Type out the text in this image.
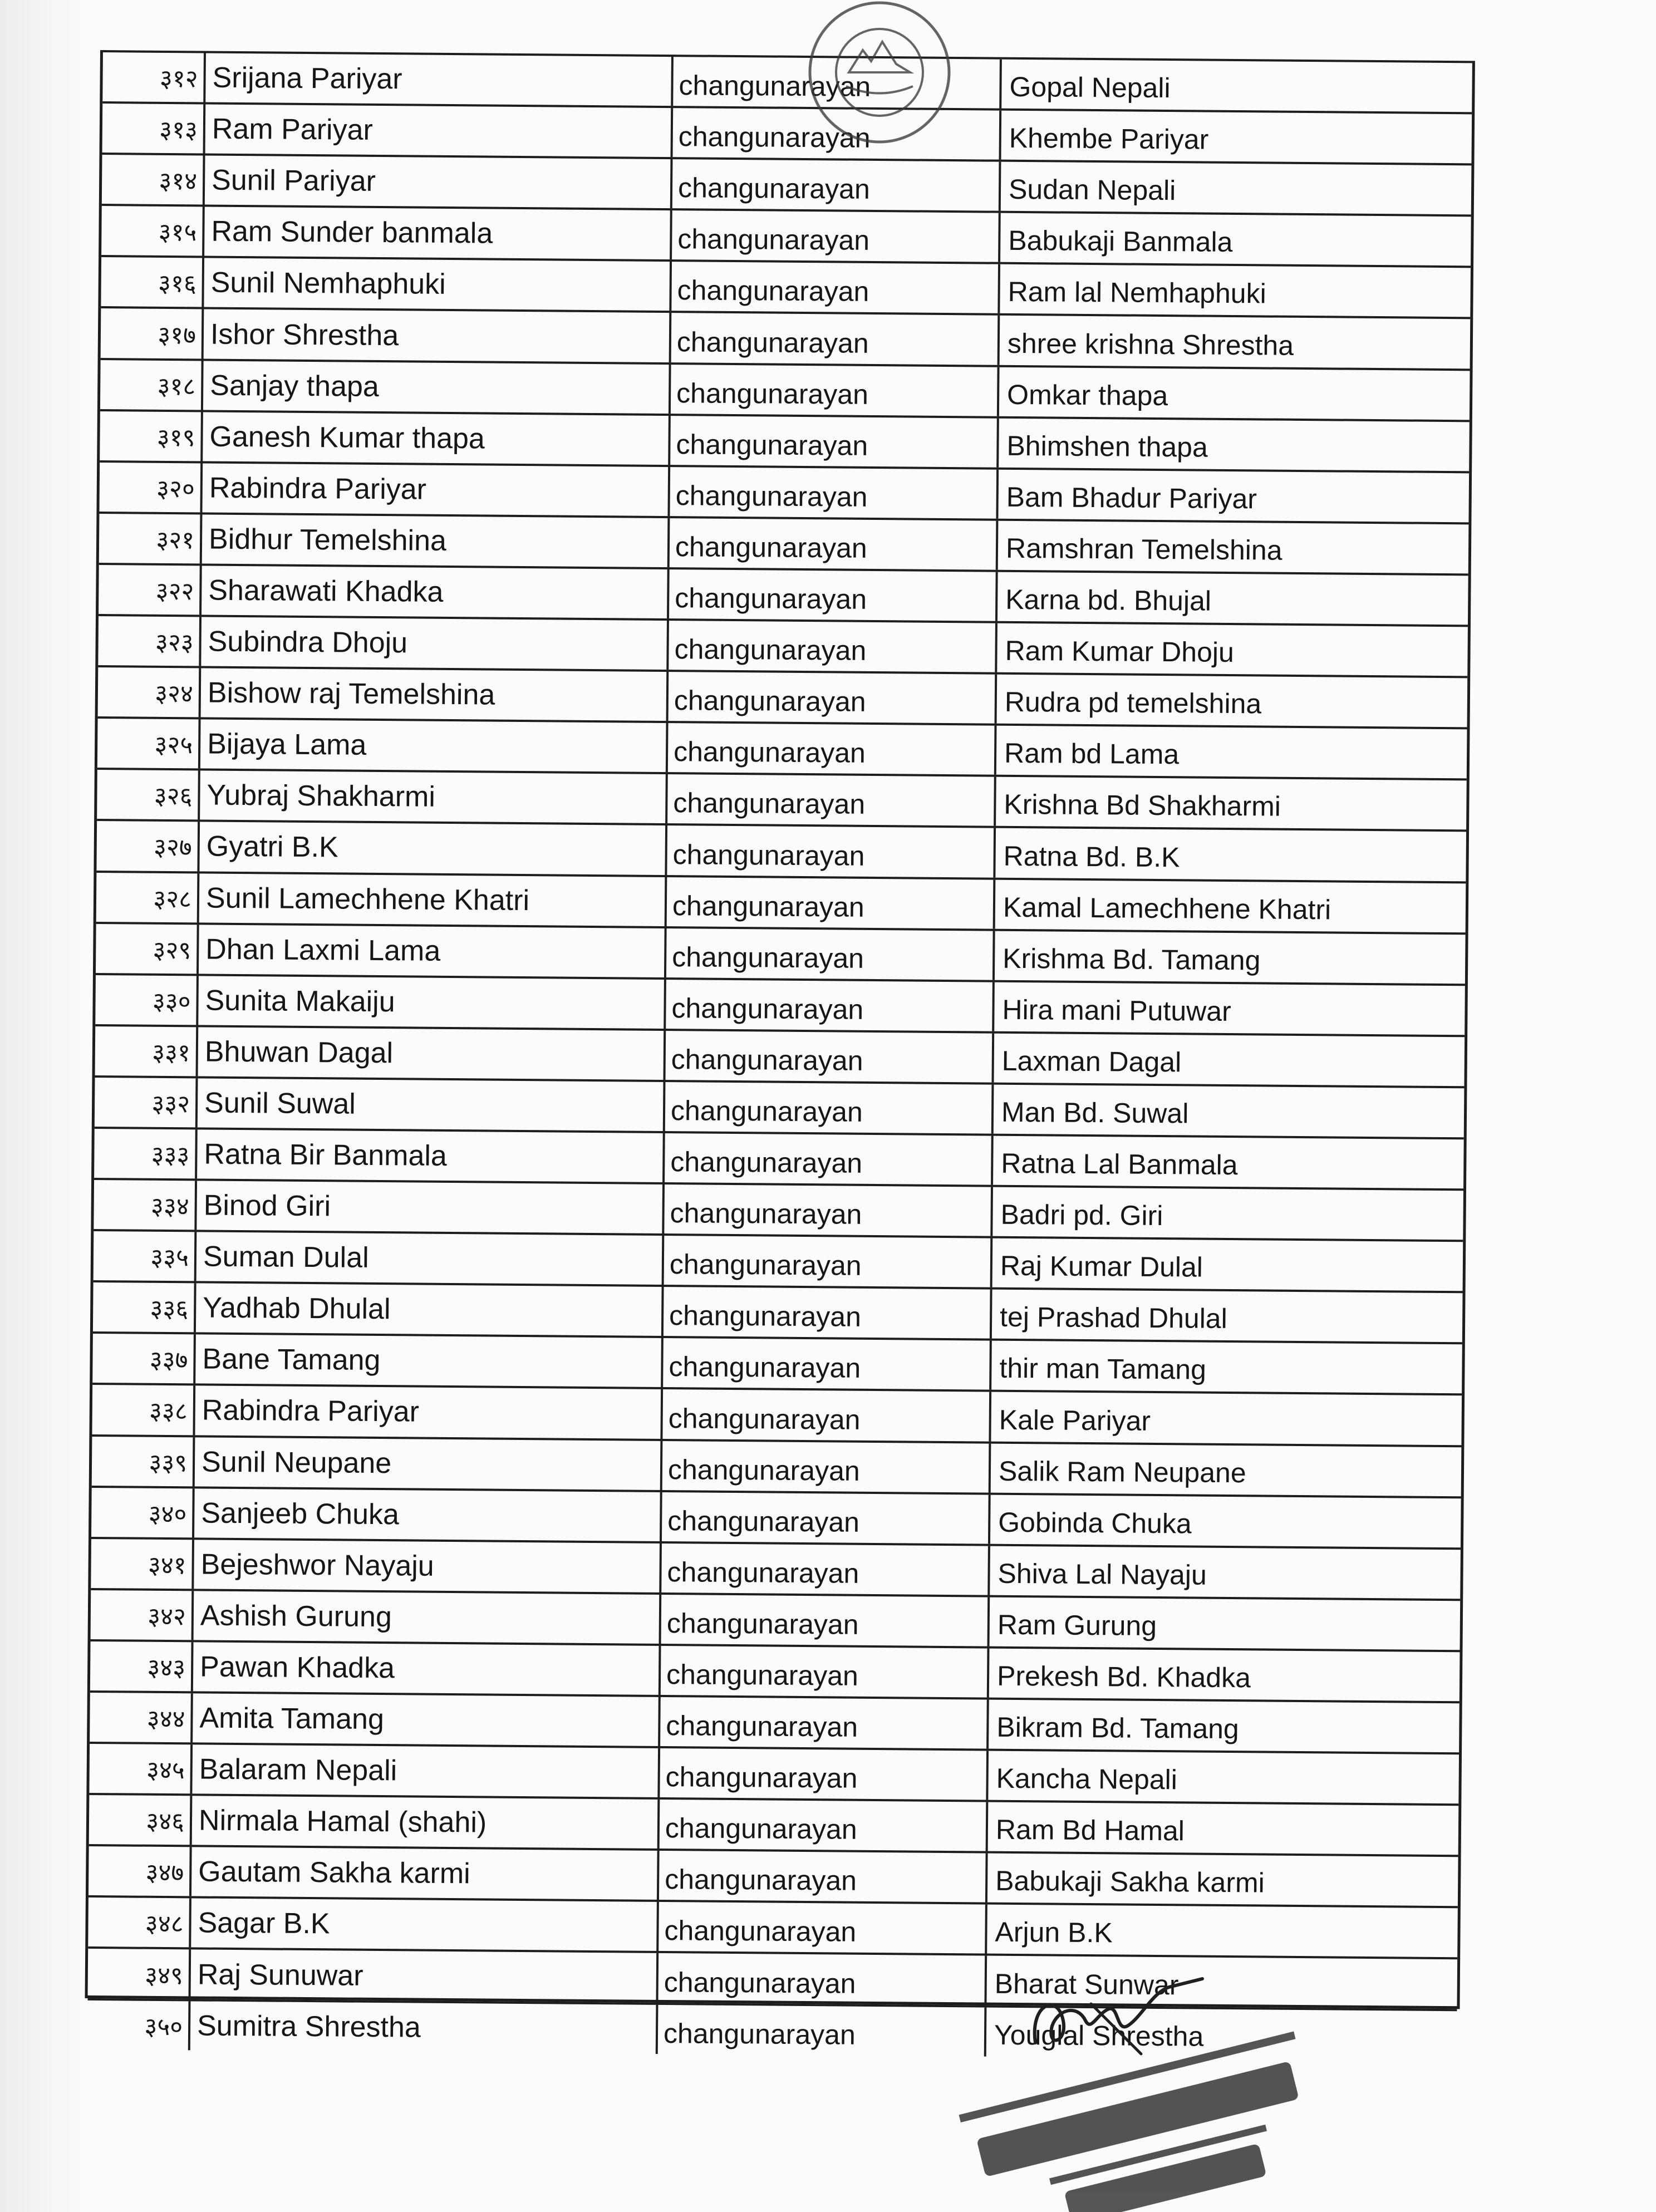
३१२ Srijana Pariyar	changunarayan	Gopal Nepali
३१३ Ram Pariyar	changunarayan	Khembe Pariyar
३१४ Sunil Pariyar	changunarayan	Sudan Nepali
३१५ Ram Sunder banmala	changunarayan	Babukaji Banmala
३१६ Sunil Nemhaphuki	changunarayan	Ram lal Nemhaphuki
३१७ Ishor Shrestha	changunarayan	shree krishna Shrestha
३१८ Sanjay thapa	changunarayan	Omkar thapa
३१९ Ganesh Kumar thapa	changunarayan	Bhimshen thapa
३२० Rabindra Pariyar	changunarayan	Bam Bhadur Pariyar
३२१ Bidhur Temelshina	changunarayan	Ramshran Temelshina
३२२ Sharawati Khadka	changunarayan	Karna bd. Bhujal
३२३ Subindra Dhoju	changunarayan	Ram Kumar Dhoju
३२४ Bishow raj Temelshina	changunarayan	Rudra pd temelshina
३२५ Bijaya Lama	changunarayan	Ram bd Lama
३२६ Yubraj Shakharmi	changunarayan	Krishna Bd Shakharmi
३२७ Gyatri B.K	changunarayan	Ratna Bd. B.K
३२८ Sunil Lamechhene Khatri	changunarayan	Kamal Lamechhene Khatri
३२९ Dhan Laxmi Lama	changunarayan	Krishma Bd. Tamang
३३० Sunita Makaiju	changunarayan	Hira mani Putuwar
३३१ Bhuwan Dagal	changunarayan	Laxman Dagal
३३२ Sunil Suwal	changunarayan	Man Bd. Suwal
३३३ Ratna Bir Banmala	changunarayan	Ratna Lal Banmala
३३४ Binod Giri	changunarayan	Badri pd. Giri
३३५ Suman Dulal	changunarayan	Raj Kumar Dulal
३३६ Yadhab Dhulal	changunarayan	tej Prashad Dhulal
३३७ Bane Tamang	changunarayan	thir man Tamang
३३८ Rabindra Pariyar	changunarayan	Kale Pariyar
३३९ Sunil Neupane	changunarayan	Salik Ram Neupane
३४० Sanjeeb Chuka	changunarayan	Gobinda Chuka
३४१ Bejeshwor Nayaju	changunarayan	Shiva Lal Nayaju
३४२ Ashish Gurung	changunarayan	Ram Gurung
३४३ Pawan Khadka	changunarayan	Prekesh Bd. Khadka
३४४ Amita Tamang	changunarayan	Bikram Bd. Tamang
३४५ Balaram Nepali	changunarayan	Kancha Nepali
३४६ Nirmala Hamal (shahi)	changunarayan	Ram Bd Hamal
३४७ Gautam Sakha karmi	changunarayan	Babukaji Sakha karmi
३४८ Sagar B.K	changunarayan	Arjun B.K
३४९ Raj Sunuwar	changunarayan	Bharat Sunwar
३५० Sumitra Shrestha	changunarayan	Youglal Shrestha
